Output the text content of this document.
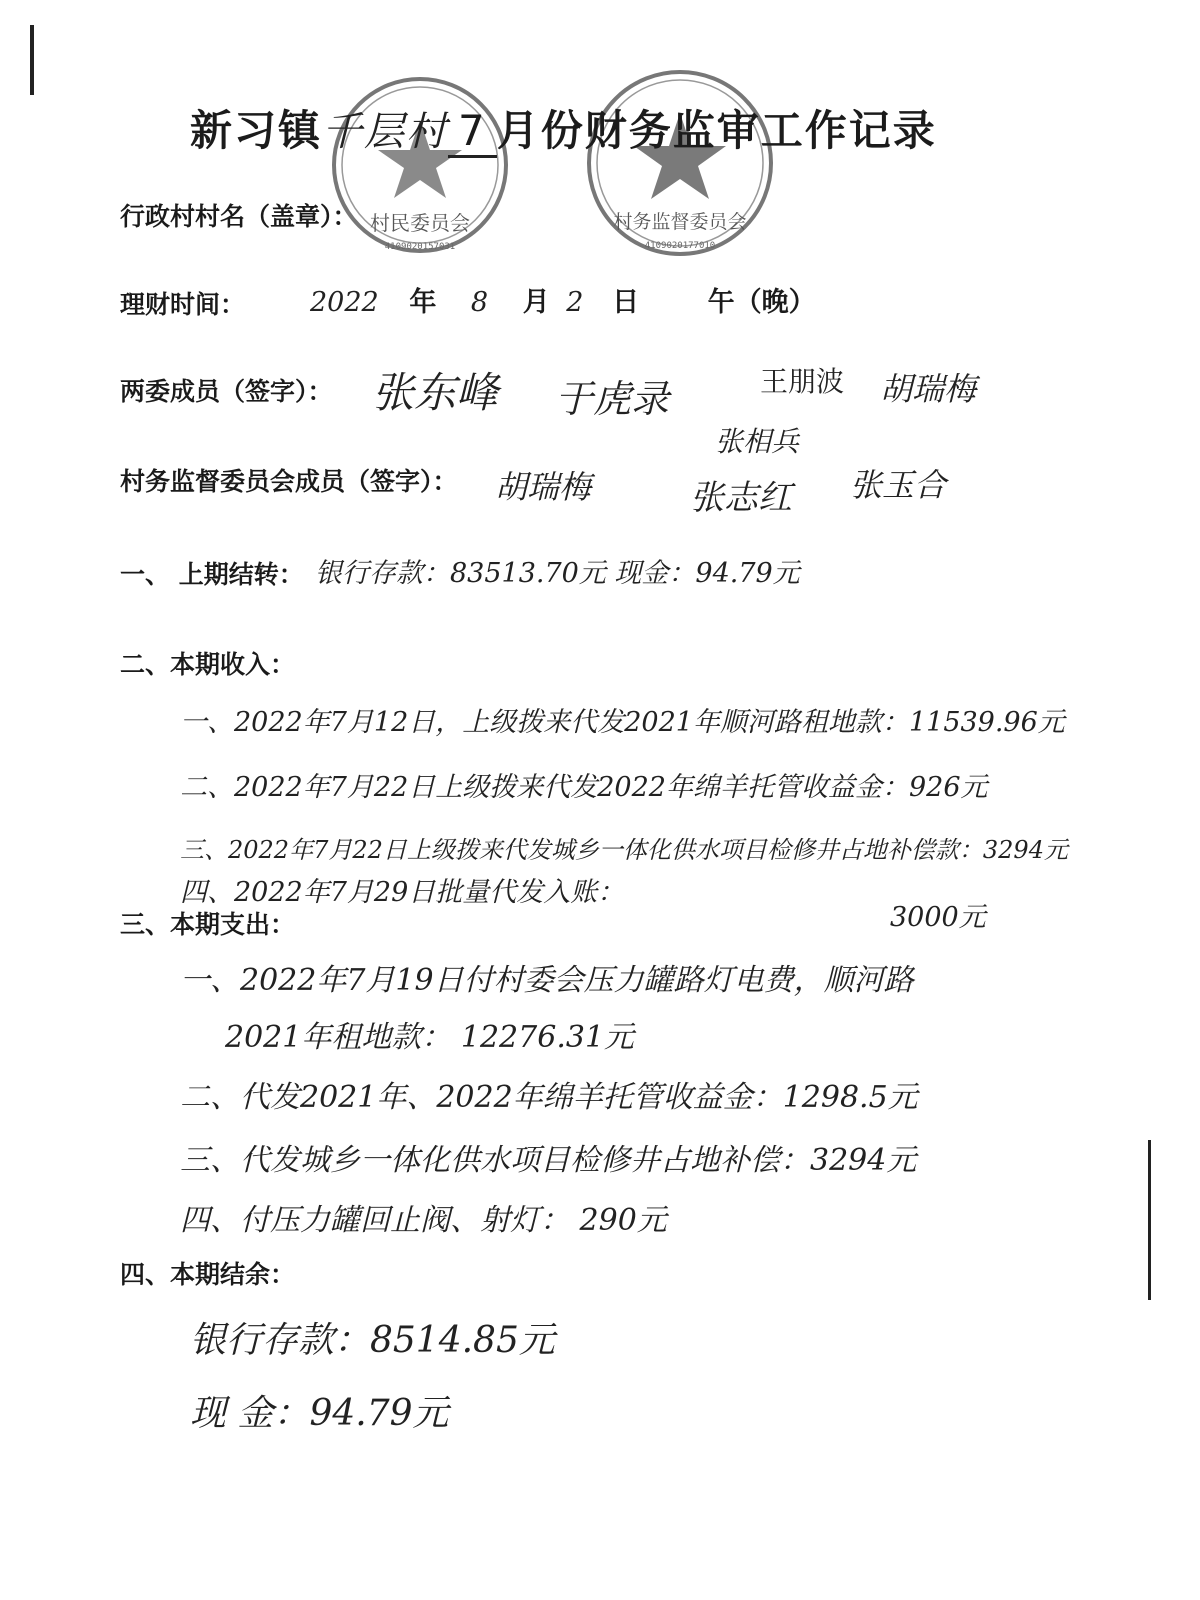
村民委员会
4109020157031
村务监督委员会
4109020177010
新习镇千层村 7 月份财务监审工作记录
行政村村名（盖章）：
理财时间： 2022 年 8 月 2 日	午（晚）
两委成员（签字）： 张东峰 于虎录	王朋波 胡瑞梅
张相兵
村务监督委员会成员（签字）： 胡瑞梅	张志红 张玉合
一、 上期结转： 银行存款：83513.70元 现金：94.79元
二、本期收入：
一、2022年7月12日，上级拨来代发2021年顺河路租地款：11539.96元
二、2022年7月22日上级拨来代发2022年绵羊托管收益金：926元
三、2022年7月22日上级拨来代发城乡一体化供水项目检修井占地补偿款：3294元
四、2022年7月29日批量代发入账：
3000元
三、本期支出：
一、2022年7月19日付村委会压力罐路灯电费，顺河路
2021年租地款： 12276.31元
二、代发2021年、2022年绵羊托管收益金：1298.5元
三、代发城乡一体化供水项目检修井占地补偿：3294元
四、付压力罐回止阀、射灯： 290元
四、本期结余：
银行存款：8514.85元
现 金：94.79元
